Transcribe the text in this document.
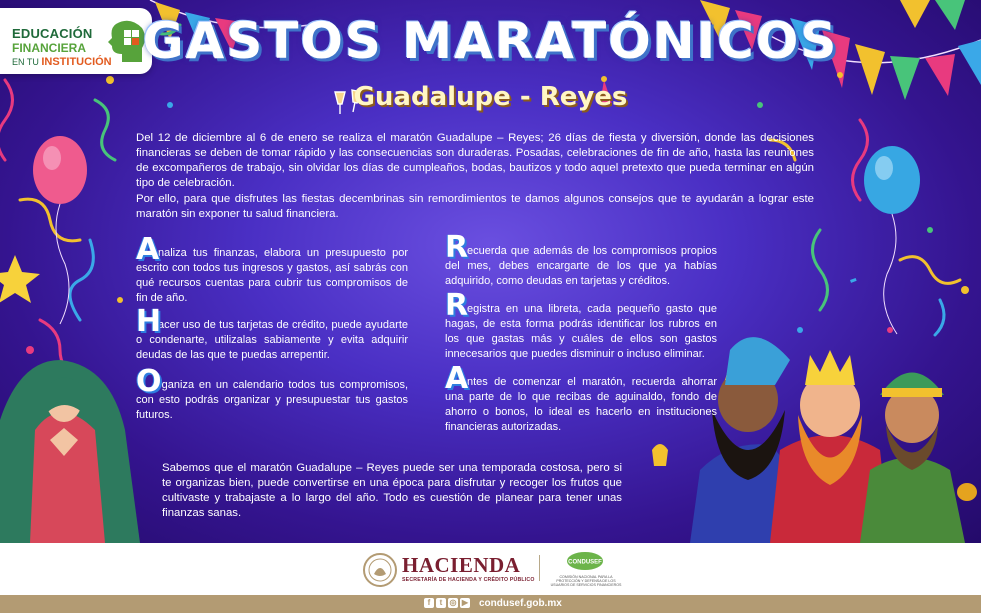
EDUCACIÓN
FINANCIERA
EN TU INSTITUCIÓN GASTOS MARATÓNICOS
Guadalupe - Reyes

Del 12 de diciembre al 6 de enero se realiza el maratón Guadalupe – Reyes; 26 días de fiesta y diversión, donde las decisiones financieras se deben de tomar rápido y las consecuencias son duraderas. Posadas, celebraciones de fin de año, hasta las reuniones de excompañeros de trabajo, sin olvidar los días de cumpleaños, bodas, bautizos y todo aquel pretexto que pueda terminar en algún tipo de celebración.

Por ello, para que disfrutes las fiestas decembrinas sin remordimientos te damos algunos consejos que te ayudarán a lograr este maratón sin exponer tu salud financiera.

naliza tus finanzas, elabora un presupuesto por escrito con todos tus ingresos y gastos, así sabrás con qué recursos cuentas para cubrir tus compromisos de fin de año.

A

acer uso de tus tarjetas de crédito, puede ayudarte o condenarte, utilizalas sabiamente y evita adquirir deudas de las que te puedas arrepentir.

H

rganiza en un calendario todos tus compromisos, con esto podrás organizar y presupuestar tus gastos futuros.

O

ecuerda que además de los compromisos propios del mes, debes encargarte de los que ya habías adquirido, como deudas en tarjetas y créditos.

R

egistra en una libreta, cada pequeño gasto que hagas, de esta forma podrás identificar los rubros en los que gastas más y cuáles de ellos son gastos innecesarios que puedes disminuir o incluso eliminar.

R

ntes de comenzar el maratón, recuerda ahorrar una parte de lo que recibas de aguinaldo, fondo de ahorro o bonos, lo ideal es hacerlo en instituciones financieras autorizadas.

A

Sabemos que el maratón Guadalupe – Reyes puede ser una temporada costosa, pero si te organizas bien, puede convertirse en una época para disfrutar y recoger los frutos que cultivaste y trabajaste a lo largo del año. Todo es cuestión de planear para tener unas finanzas sanas.

HACIENDA
SECRETARÍA DE HACIENDA Y CRÉDITO PÚBLICO
CONDUSEF
COMISIÓN NACIONAL PARA LA PROTECCIÓN Y DEFENSA DE LOS USUARIOS DE SERVICIOS FINANCIEROS
f t ◎ ▶	condusef.gob.mx
